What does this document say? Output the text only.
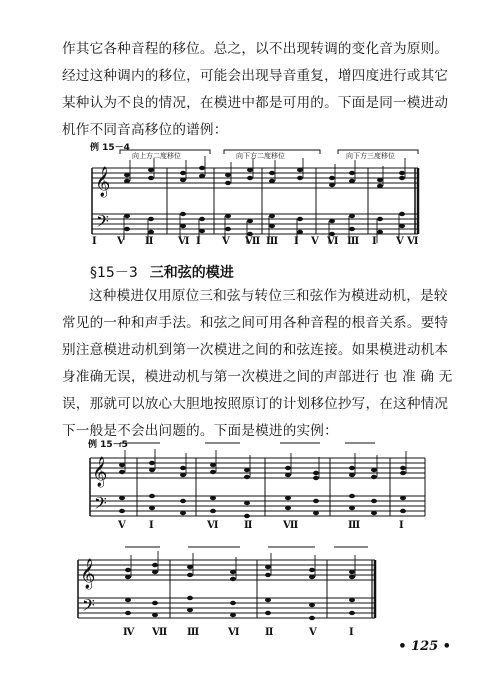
作其它各种音程的移位。总之，以不出现转调的变化音为原则。
经过这种调内的移位，可能会出现导音重复，增四度进行或其它
某种认为不良的情况，在模进中都是可用的。下面是同一模进动
机作不同音高移位的谱例：
例 15－4
向上方二度移位	向下方二度移位	向下方三度移位
𝄞
𝄢
Ⅰ Ⅴ Ⅱ Ⅵ Ⅰ Ⅴ Ⅶ Ⅲ Ⅰ Ⅴ Ⅵ Ⅲ Ⅰ Ⅴ Ⅵ
§15－3 三和弦的模进
这种模进仅用原位三和弦与转位三和弦作为模进动机，是较
常见的一种和声手法。和弦之间可用各种音程的根音关系。要特
别注意模进动机到第一次模进之间的和弦连接。如果模进动机本
身准确无误，模进动机与第一次模进之间的声部进行 也 准 确 无
误，那就可以放心大胆地按照原订的计划移位抄写，在这种情况
下一般是不会出问题的。下面是模进的实例：
例 15－5
𝄞
𝄢
Ⅴ Ⅰ	Ⅵ	Ⅱ	Ⅶ	Ⅲ	Ⅰ
𝄞
𝄢
Ⅳ Ⅶ Ⅲ	Ⅵ	Ⅱ	Ⅴ	Ⅰ
• 125 •
